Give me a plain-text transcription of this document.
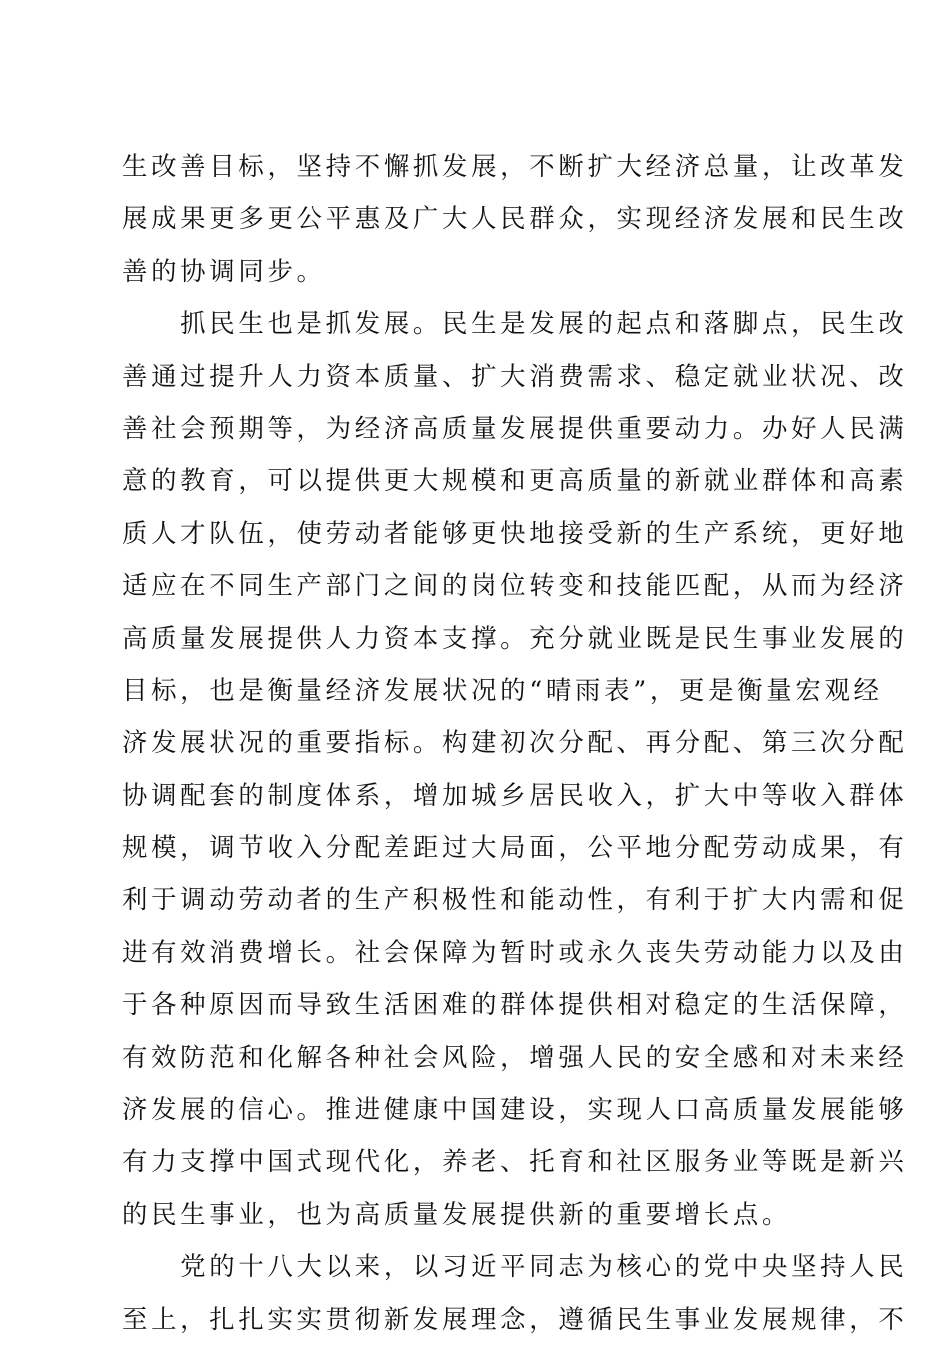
生改善目标，坚持不懈抓发展，不断扩大经济总量，让改革发
展成果更多更公平惠及广大人民群众，实现经济发展和民生改
善的协调同步。
　　抓民生也是抓发展。民生是发展的起点和落脚点，民生改
善通过提升人力资本质量、扩大消费需求、稳定就业状况、改
善社会预期等，为经济高质量发展提供重要动力。办好人民满
意的教育，可以提供更大规模和更高质量的新就业群体和高素
质人才队伍，使劳动者能够更快地接受新的生产系统，更好地
适应在不同生产部门之间的岗位转变和技能匹配，从而为经济
高质量发展提供人力资本支撑。充分就业既是民生事业发展的
目标，也是衡量经济发展状况的“晴雨表”，更是衡量宏观经
济发展状况的重要指标。构建初次分配、再分配、第三次分配
协调配套的制度体系，增加城乡居民收入，扩大中等收入群体
规模，调节收入分配差距过大局面，公平地分配劳动成果，有
利于调动劳动者的生产积极性和能动性，有利于扩大内需和促
进有效消费增长。社会保障为暂时或永久丧失劳动能力以及由
于各种原因而导致生活困难的群体提供相对稳定的生活保障，
有效防范和化解各种社会风险，增强人民的安全感和对未来经
济发展的信心。推进健康中国建设，实现人口高质量发展能够
有力支撑中国式现代化，养老、托育和社区服务业等既是新兴
的民生事业，也为高质量发展提供新的重要增长点。
　　党的十八大以来，以习近平同志为核心的党中央坚持人民
至上，扎扎实实贯彻新发展理念，遵循民生事业发展规律，不
